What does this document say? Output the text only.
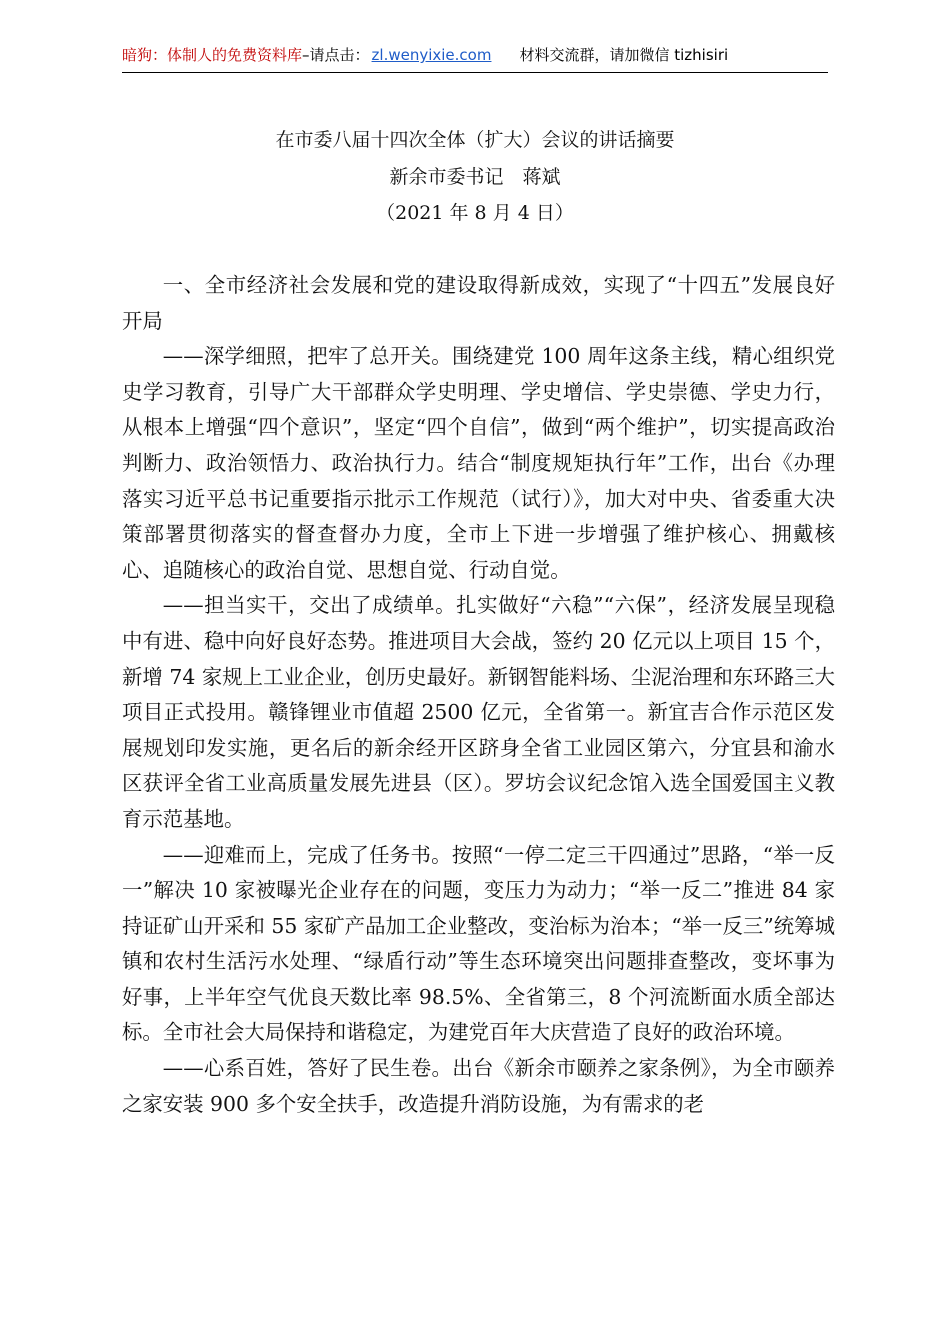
暗狗：体制人的免费资料库–请点击： zl.wenyixie.com 材料交流群，请加微信 tizhisiri
在市委八届十四次全体（扩大）会议的讲话摘要
新余市委书记　蒋斌
（2021 年 8 月 4 日）

一、全市经济社会发展和党的建设取得新成效，实现了“十四五”发展良好开局

——深学细照，把牢了总开关。围绕建党 100 周年这条主线，精心组织党史学习教育，引导广大干部群众学史明理、学史增信、学史崇德、学史力行，从根本上增强“四个意识”，坚定“四个自信”，做到“两个维护”，切实提高政治判断力、政治领悟力、政治执行力。结合“制度规矩执行年”工作，出台《办理落实习近平总书记重要指示批示工作规范（试行）》，加大对中央、省委重大决策部署贯彻落实的督查督办力度，全市上下进一步增强了维护核心、拥戴核心、追随核心的政治自觉、思想自觉、行动自觉。

——担当实干，交出了成绩单。扎实做好“六稳”“六保”，经济发展呈现稳中有进、稳中向好良好态势。推进项目大会战，签约 20 亿元以上项目 15 个，新增 74 家规上工业企业，创历史最好。新钢智能料场、尘泥治理和东环路三大项目正式投用。赣锋锂业市值超 2500 亿元，全省第一。新宜吉合作示范区发展规划印发实施，更名后的新余经开区跻身全省工业园区第六，分宜县和渝水区获评全省工业高质量发展先进县（区）。罗坊会议纪念馆入选全国爱国主义教育示范基地。

——迎难而上，完成了任务书。按照“一停二定三干四通过”思路，“举一反一”解决 10 家被曝光企业存在的问题，变压力为动力；“举一反二”推进 84 家持证矿山开采和 55 家矿产品加工企业整改，变治标为治本；“举一反三”统筹城镇和农村生活污水处理、“绿盾行动”等生态环境突出问题排查整改，变坏事为好事，上半年空气优良天数比率 98.5%、全省第三，8 个河流断面水质全部达标。全市社会大局保持和谐稳定，为建党百年大庆营造了良好的政治环境。

——心系百姓，答好了民生卷。出台《新余市颐养之家条例》，为全市颐养之家安装 900 多个安全扶手，改造提升消防设施，为有需求的老
